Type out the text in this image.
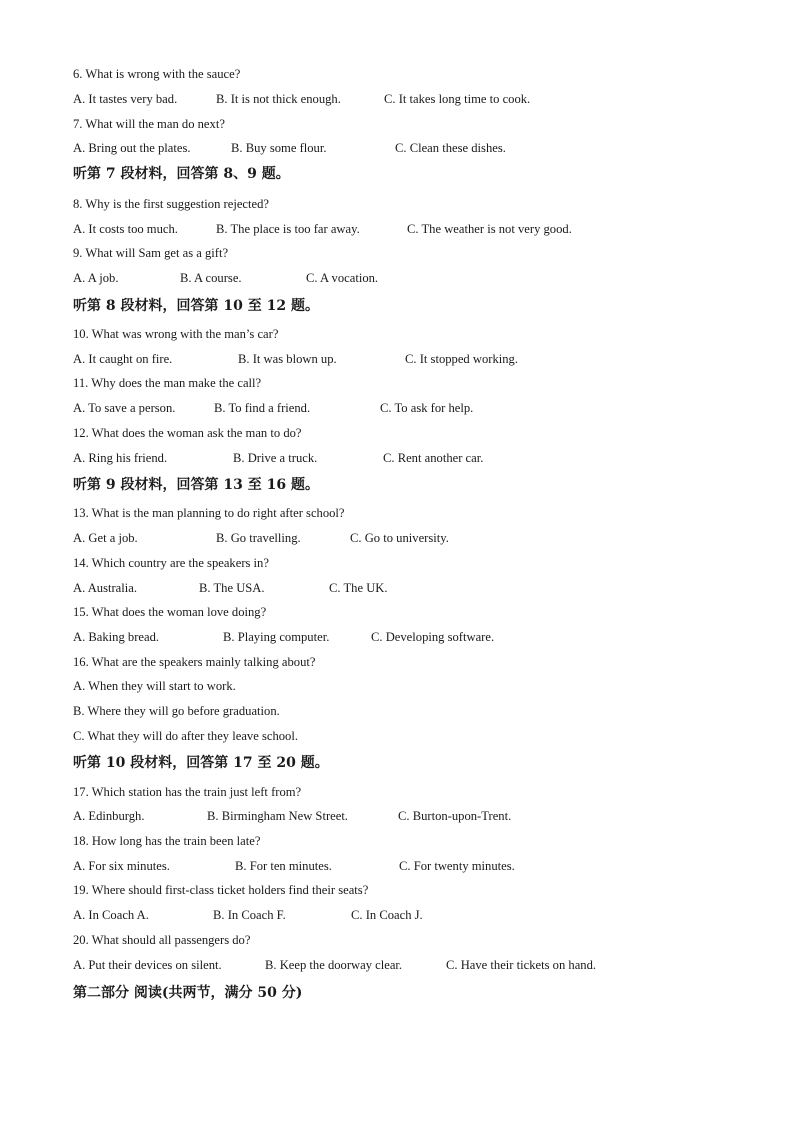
6. What is wrong with the sauce?
A. It tastes very bad.	B. It is not thick enough.	C. It takes long time to cook.
7. What will the man do next?
A. Bring out the plates.	B. Buy some flour.	C. Clean these dishes.
听第 7 段材料，回答第 8、9 题。
8. Why is the first suggestion rejected?
A. It costs too much.	B. The place is too far away.	C. The weather is not very good.
9. What will Sam get as a gift?
A. A job.	B. A course.	C. A vocation.
听第 8 段材料，回答第 10 至 12 题。
10. What was wrong with the man’s car?
A. It caught on fire.	B. It was blown up.	C. It stopped working.
11. Why does the man make the call?
A. To save a person.	B. To find a friend.	C. To ask for help.
12. What does the woman ask the man to do?
A. Ring his friend.	B. Drive a truck.	C. Rent another car.
听第 9 段材料，回答第 13 至 16 题。
13. What is the man planning to do right after school?
A. Get a job.	B. Go travelling.	C. Go to university.
14. Which country are the speakers in?
A. Australia.	B. The USA.	C. The UK.
15. What does the woman love doing?
A. Baking bread.	B. Playing computer.	C. Developing software.
16. What are the speakers mainly talking about?
A. When they will start to work.
B. Where they will go before graduation.
C. What they will do after they leave school.
听第 10 段材料，回答第 17 至 20 题。
17. Which station has the train just left from?
A. Edinburgh.	B. Birmingham New Street.	C. Burton-upon-Trent.
18. How long has the train been late?
A. For six minutes.	B. For ten minutes.	C. For twenty minutes.
19. Where should first-class ticket holders find their seats?
A. In Coach A.	B. In Coach F.	C. In Coach J.
20. What should all passengers do?
A. Put their devices on silent.	B. Keep the doorway clear.	C. Have their tickets on hand.
第二部分 阅读(共两节，满分 50 分)
